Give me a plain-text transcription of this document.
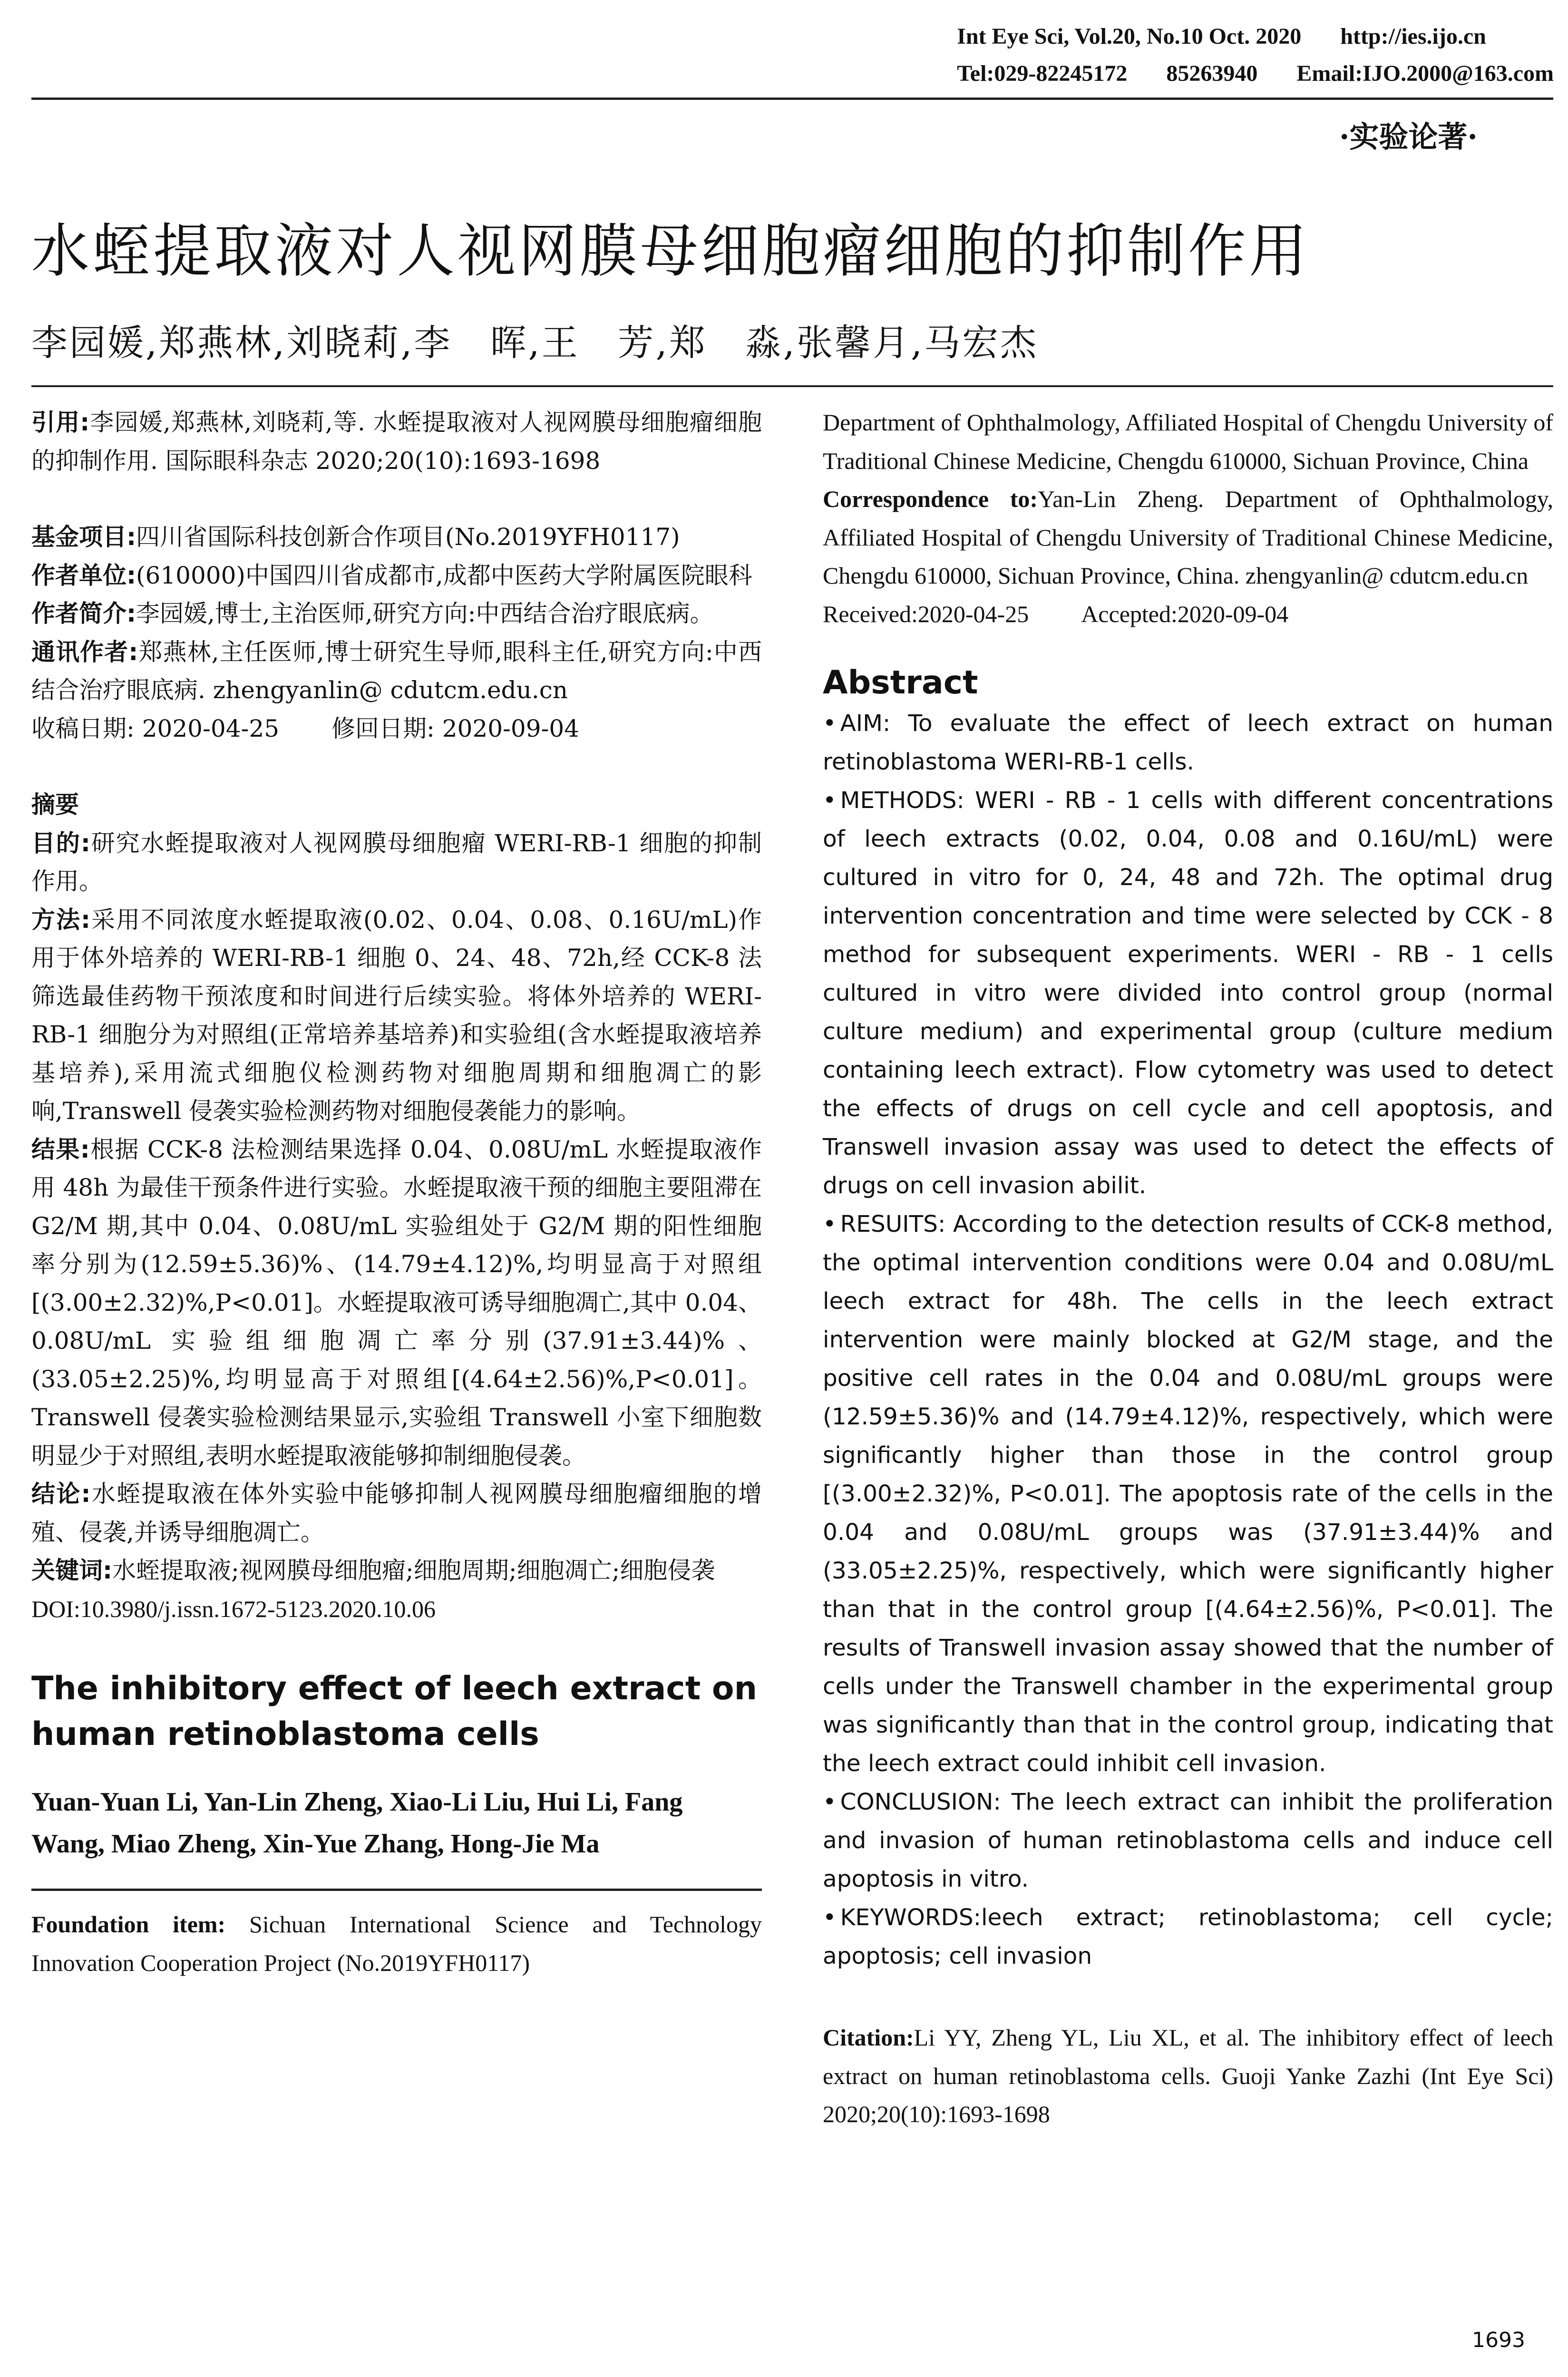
Int Eye Sci, Vol.20, No.10 Oct. 2020 http://ies.ijo.cn
Tel:029-82245172 85263940 Email:IJO.2000@163.com
·实验论著·
水蛭提取液对人视网膜母细胞瘤细胞的抑制作用
李园媛,郑燕林,刘晓莉,李　晖,王　芳,郑　淼,张馨月,马宏杰

引用:李园媛,郑燕林,刘晓莉,等. 水蛭提取液对人视网膜母细胞瘤细胞的抑制作用. 国际眼科杂志 2020;20(10):1693-1698

基金项目:四川省国际科技创新合作项目(No.2019YFH0117)

作者单位:(610000)中国四川省成都市,成都中医药大学附属医院眼科

作者简介:李园媛,博士,主治医师,研究方向:中西结合治疗眼底病。

通讯作者:郑燕林,主任医师,博士研究生导师,眼科主任,研究方向:中西结合治疗眼底病. zhengyanlin@ cdutcm.edu.cn

收稿日期: 2020-04-25 修回日期: 2020-09-04

摘要

目的:研究水蛭提取液对人视网膜母细胞瘤 WERI-RB-1 细胞的抑制作用。

方法:采用不同浓度水蛭提取液(0.02、0.04、0.08、0.16U/mL)作用于体外培养的 WERI-RB-1 细胞 0、24、48、72h,经 CCK-8 法筛选最佳药物干预浓度和时间进行后续实验。将体外培养的 WERI-RB-1 细胞分为对照组(正常培养基培养)和实验组(含水蛭提取液培养基培养),采用流式细胞仪检测药物对细胞周期和细胞凋亡的影响,Transwell 侵袭实验检测药物对细胞侵袭能力的影响。

结果:根据 CCK-8 法检测结果选择 0.04、0.08U/mL 水蛭提取液作用 48h 为最佳干预条件进行实验。水蛭提取液干预的细胞主要阻滞在 G2/M 期,其中 0.04、0.08U/mL 实验组处于 G2/M 期的阳性细胞率分别为(12.59±5.36)%、(14.79±4.12)%,均明显高于对照组[(3.00±2.32)%,P<0.01]。水蛭提取液可诱导细胞凋亡,其中 0.04、0.08U/mL 实验组细胞凋亡率分别(37.91±3.44)%、(33.05±2.25)%,均明显高于对照组[(4.64±2.56)%,P<0.01]。Transwell 侵袭实验检测结果显示,实验组 Transwell 小室下细胞数明显少于对照组,表明水蛭提取液能够抑制细胞侵袭。

结论:水蛭提取液在体外实验中能够抑制人视网膜母细胞瘤细胞的增殖、侵袭,并诱导细胞凋亡。

关键词:水蛭提取液;视网膜母细胞瘤;细胞周期;细胞凋亡;细胞侵袭

DOI:10.3980/j.issn.1672-5123.2020.10.06

The inhibitory effect of leech extract on human retinoblastoma cells

Yuan-Yuan Li, Yan-Lin Zheng, Xiao-Li Liu, Hui Li, Fang Wang, Miao Zheng, Xin-Yue Zhang, Hong-Jie Ma

Foundation item: Sichuan International Science and Technology Innovation Cooperation Project (No.2019YFH0117)

Department of Ophthalmology, Affiliated Hospital of Chengdu University of Traditional Chinese Medicine, Chengdu 610000, Sichuan Province, China

Correspondence to:Yan-Lin Zheng. Department of Ophthalmology, Affiliated Hospital of Chengdu University of Traditional Chinese Medicine, Chengdu 610000, Sichuan Province, China. zhengyanlin@ cdutcm.edu.cn

Received:2020-04-25 Accepted:2020-09-04

Abstract

• AIM: To evaluate the effect of leech extract on human retinoblastoma WERI-RB-1 cells.

• METHODS: WERI - RB - 1 cells with different concentrations of leech extracts (0.02, 0.04, 0.08 and 0.16U/mL) were cultured in vitro for 0, 24, 48 and 72h. The optimal drug intervention concentration and time were selected by CCK - 8 method for subsequent experiments. WERI - RB - 1 cells cultured in vitro were divided into control group (normal culture medium) and experimental group (culture medium containing leech extract). Flow cytometry was used to detect the effects of drugs on cell cycle and cell apoptosis, and Transwell invasion assay was used to detect the effects of drugs on cell invasion abilit.

• RESUITS: According to the detection results of CCK-8 method, the optimal intervention conditions were 0.04 and 0.08U/mL leech extract for 48h. The cells in the leech extract intervention were mainly blocked at G2/M stage, and the positive cell rates in the 0.04 and 0.08U/mL groups were (12.59±5.36)% and (14.79±4.12)%, respectively, which were significantly higher than those in the control group [(3.00±2.32)%, P<0.01]. The apoptosis rate of the cells in the 0.04 and 0.08U/mL groups was (37.91±3.44)% and (33.05±2.25)%, respectively, which were significantly higher than that in the control group [(4.64±2.56)%, P<0.01]. The results of Transwell invasion assay showed that the number of cells under the Transwell chamber in the experimental group was significantly than that in the control group, indicating that the leech extract could inhibit cell invasion.

• CONCLUSION: The leech extract can inhibit the proliferation and invasion of human retinoblastoma cells and induce cell apoptosis in vitro.

• KEYWORDS:leech extract; retinoblastoma; cell cycle; apoptosis; cell invasion

Citation:Li YY, Zheng YL, Liu XL, et al. The inhibitory effect of leech extract on human retinoblastoma cells. Guoji Yanke Zazhi (Int Eye Sci) 2020;20(10):1693-1698

1693
